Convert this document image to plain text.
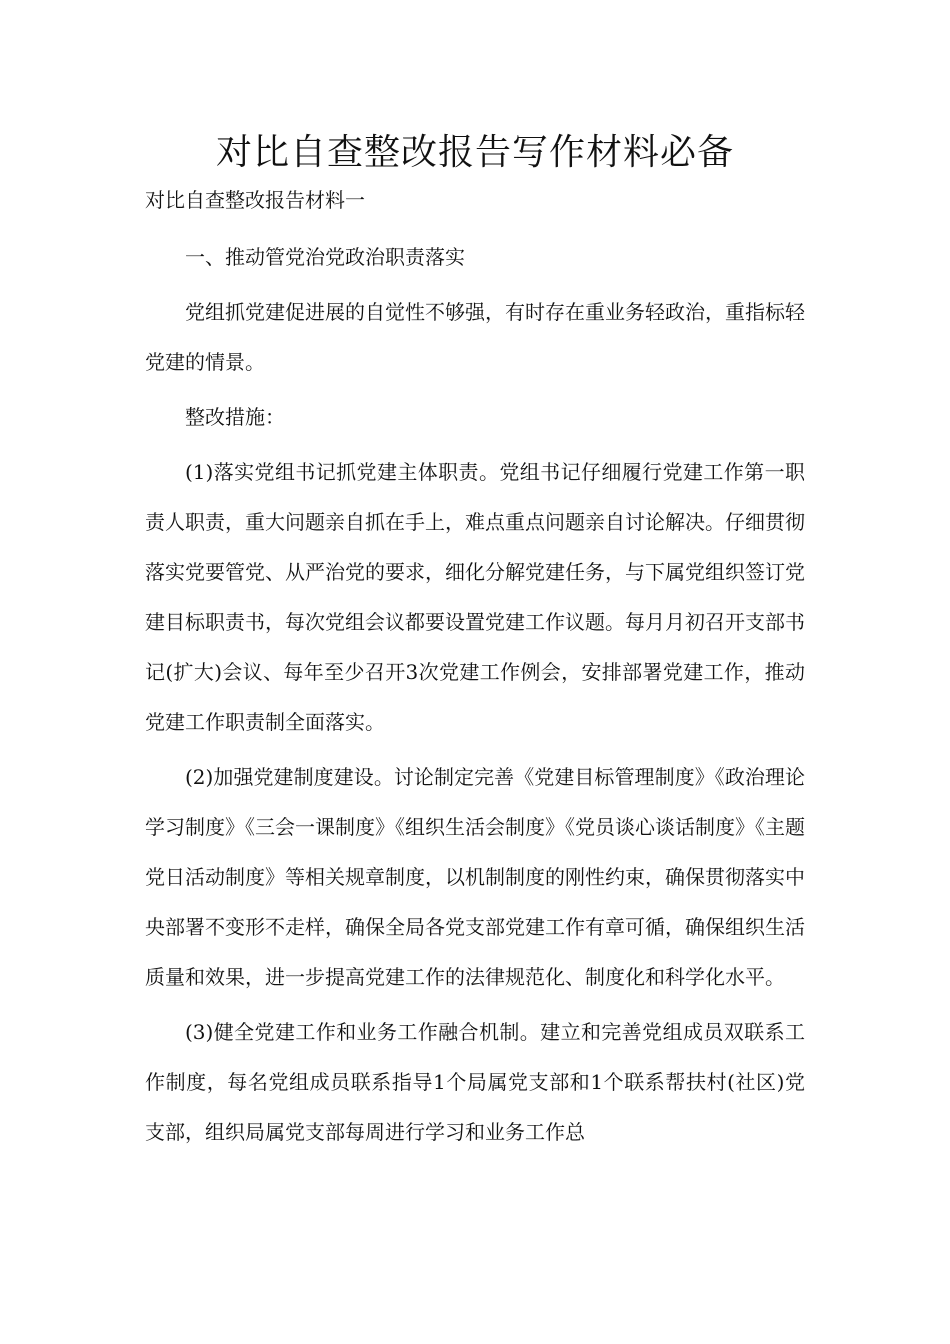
对比自查整改报告写作材料必备

对比自查整改报告材料一

一、推动管党治党政治职责落实

党组抓党建促进展的自觉性不够强，有时存在重业务轻政治，重指标轻党建的情景。

整改措施：

(1)落实党组书记抓党建主体职责。党组书记仔细履行党建工作第一职责人职责，重大问题亲自抓在手上，难点重点问题亲自讨论解决。仔细贯彻落实党要管党、从严治党的要求，细化分解党建任务，与下属党组织签订党建目标职责书，每次党组会议都要设置党建工作议题。每月月初召开支部书记(扩大)会议、每年至少召开3次党建工作例会，安排部署党建工作，推动党建工作职责制全面落实。

(2)加强党建制度建设。讨论制定完善《党建目标管理制度》《政治理论学习制度》《三会一课制度》《组织生活会制度》《党员谈心谈话制度》《主题党日活动制度》等相关规章制度，以机制制度的刚性约束，确保贯彻落实中央部署不变形不走样，确保全局各党支部党建工作有章可循，确保组织生活质量和效果，进一步提高党建工作的法律规范化、制度化和科学化水平。

(3)健全党建工作和业务工作融合机制。建立和完善党组成员双联系工作制度，每名党组成员联系指导1个局属党支部和1个联系帮扶村(社区)党支部，组织局属党支部每周进行学习和业务工作总
